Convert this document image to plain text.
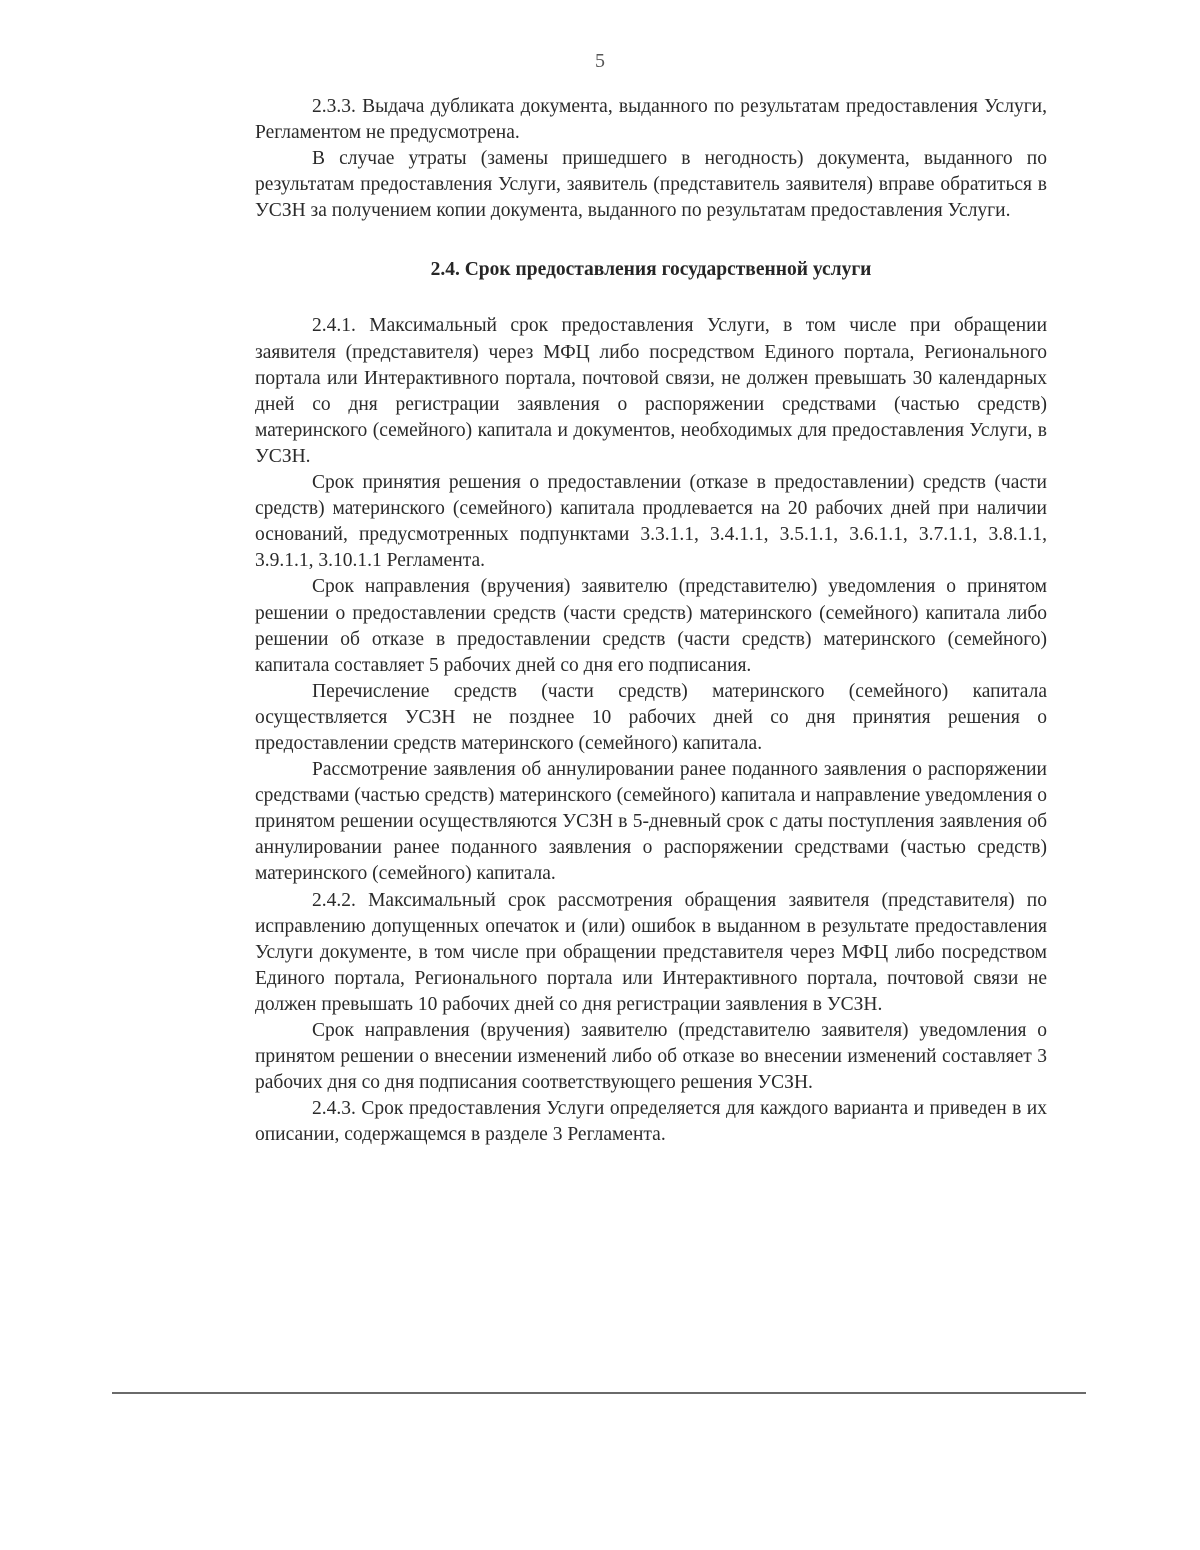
5

2.3.3. Выдача дубликата документа, выданного по результатам предоставления Услуги, Регламентом не предусмотрена.

В случае утраты (замены пришедшего в негодность) документа, выданного по результатам предоставления Услуги, заявитель (представитель заявителя) вправе обратиться в УСЗН за получением копии документа, выданного по результатам предоставления Услуги.

2.4. Срок предоставления государственной услуги

2.4.1. Максимальный срок предоставления Услуги, в том числе при обращении заявителя (представителя) через МФЦ либо посредством Единого портала, Регионального портала или Интерактивного портала, почтовой связи, не должен превышать 30 календарных дней со дня регистрации заявления о распоряжении средствами (частью средств) материнского (семейного) капитала и документов, необходимых для предоставления Услуги, в УСЗН.

Срок принятия решения о предоставлении (отказе в предоставлении) средств (части средств) материнского (семейного) капитала продлевается на 20 рабочих дней при наличии оснований, предусмотренных подпунктами 3.3.1.1, 3.4.1.1, 3.5.1.1, 3.6.1.1, 3.7.1.1, 3.8.1.1, 3.9.1.1, 3.10.1.1 Регламента.

Срок направления (вручения) заявителю (представителю) уведомления о принятом решении о предоставлении средств (части средств) материнского (семейного) капитала либо решении об отказе в предоставлении средств (части средств) материнского (семейного) капитала составляет 5 рабочих дней со дня его подписания.

Перечисление средств (части средств) материнского (семейного) капитала осуществляется УСЗН не позднее 10 рабочих дней со дня принятия решения о предоставлении средств материнского (семейного) капитала.

Рассмотрение заявления об аннулировании ранее поданного заявления о распоряжении средствами (частью средств) материнского (семейного) капитала и направление уведомления о принятом решении осуществляются УСЗН в 5-дневный срок с даты поступления заявления об аннулировании ранее поданного заявления о распоряжении средствами (частью средств) материнского (семейного) капитала.

2.4.2. Максимальный срок рассмотрения обращения заявителя (представителя) по исправлению допущенных опечаток и (или) ошибок в выданном в результате предоставления Услуги документе, в том числе при обращении представителя через МФЦ либо посредством Единого портала, Регионального портала или Интерактивного портала, почтовой связи не должен превышать 10 рабочих дней со дня регистрации заявления в УСЗН.

Срок направления (вручения) заявителю (представителю заявителя) уведомления о принятом решении о внесении изменений либо об отказе во внесении изменений составляет 3 рабочих дня со дня подписания соответствующего решения УСЗН.

2.4.3. Срок предоставления Услуги определяется для каждого варианта и приведен в их описании, содержащемся в разделе 3 Регламента.
